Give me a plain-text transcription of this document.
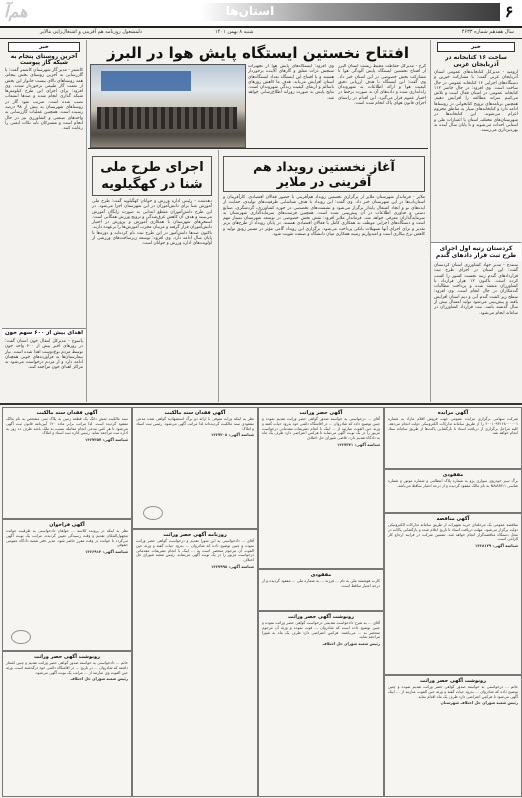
هم‌آ	استان‌ها	۶
سال هفدهم شماره ۴۶۳۳
شنبه ۸ بهمن ۱۴۰۱
دلمشغول روزنامه هم آفرینی و اشتغال‌زایی مالایر
خبر
ساخت ۱۶ کتابخانه در آذربایجان غربی
ارومیه - مدیرکل کتابخانه‌های عمومی استان آذربایجان غربی گفت: با مشارکت خیرین و دستگاه‌های اجرایی ۱۶ کتابخانه عمومی در حال ساخت است. وی افزود: در حال حاضر ۱۱۲ کتابخانه عمومی در استان فعال است و تلاش می‌کنیم سرانه مطالعه را افزایش دهیم. همچنین برنامه‌های ترویج کتابخوانی در روستاها ادامه دارد و کتابخانه‌های سیار به مناطق محروم اعزام می‌شوند. این کتابخانه‌ها در شهرستان‌های مختلف استان با اعتبارات ملی و استانی احداث می‌شوند و تا پایان سال آینده به بهره‌برداری می‌رسند.
کردستان رتبه اول اجرای طرح ثبت قرار دادهای گندم
سنندج - مدیر جهاد کشاورزی استان کردستان گفت: این استان در اجرای طرح ثبت قراردادهای گندم رتبه نخست کشور را کسب کرده است. تاکنون ۱۲ هزار قرارداد با کشاورزان منعقد شده و پرداخت مطالبات گندمکاران در حال انجام است. وی افزود: سطح زیر کشت گندم آبی و دیم استان افزایش یافته و پیش‌بینی می‌شود تولید امسال بیش از سال گذشته باشد. ثبت قرارداد کشاورزان در سامانه انجام می‌شود.
افتتاح نخستین ایستگاه پایش هوا در البرز
کرج - مدیرکل حفاظت محیط زیست استان البرز از افتتاح نخستین ایستگاه پایش آلودگی هوا با مشارکت بخش خصوصی در این استان خبر داد. وی گفت: این ایستگاه با هدف ارزیابی دقیق کیفیت هوا و ارائه اطلاعات به شهروندان راه‌اندازی شده و داده‌های آن به صورت برخط در اختیار عموم قرار می‌گیرد. این اقدام در راستای اجرای قانون هوای پاک انجام شده است.
وی افزود: ایستگاه‌های پایش هوا از تجهیزات سنجش ذرات معلق و گازهای آلاینده برخوردار هستند و با افتتاح این ایستگاه تعداد ایستگاه‌های استان افزایش می‌یابد. هدف ما کاهش روزهای ناسالم و ارتقای کیفیت زندگی شهروندان است. نتایج پایش به صورت روزانه اطلاع‌رسانی خواهد شد.
آغاز نخستین رویداد هم آفرینی در ملایر
ملایر - فرماندار شهرستان ملایر از برگزاری نخستین رویداد هم‌آفرینی با حضور فعالان اقتصادی، کارآفرینان و استارتاپ‌ها در این شهرستان خبر داد. وی گفت: این رویداد با هدف شناسایی ظرفیت‌های تولیدی، حمایت از ایده‌های نو و ایجاد اشتغال پایدار برگزار می‌شود و نشست‌های تخصصی در حوزه کشاورزی، گردشگری، صنایع دستی و فناوری اطلاعات در آن پیش‌بینی شده است. همچنین فرصت‌های سرمایه‌گذاری شهرستان به سرمایه‌گذاران معرفی خواهد شد. فرماندار ملایر افزود: نقش بخش خصوصی در توسعه شهرستان بسیار مهم است و دستگاه‌های اجرایی موظف به همکاری کامل با فعالان اقتصادی هستند. در پایان رویداد از طرح‌های برتر تقدیر و برای اجرای آنها تسهیلات بانکی پرداخت می‌شود. برگزاری این رویداد گامی مؤثر در مسیر رونق تولید و کاهش نرخ بیکاری است و امیدواریم زمینه همکاری میان دانشگاه و صنعت تقویت شود.
اجرای طرح ملی شنا در کهگیلویه
دهدشت - رئیس اداره ورزش و جوانان کهگیلویه گفت: طرح ملی آموزش شنا برای دانش‌آموزان در این شهرستان اجرا می‌شود. در این طرح دانش‌آموزان مقطع ابتدایی به صورت رایگان آموزش می‌بینند و هدف آن کاهش غرق‌شدگی و ترویج ورزش همگانی است. استخرهای شهرستان با همکاری آموزش و پرورش در اختیار دانش‌آموزان قرار گرفته و مربیان مجرب آموزش‌ها را برعهده دارند. تاکنون صدها دانش‌آموز در این طرح ثبت نام کرده‌اند و دوره‌ها تا پایان سال ادامه دارد. وی افزود: توسعه زیرساخت‌های ورزشی از اولویت‌های اداره ورزش و جوانان است.
خبر
آخرین روستای پنجام به شبکه گاز پیوست
کاشمر - مدیر گاز شهرستان کاشمر گفت: با گازرسانی به آخرین روستای بخش پنجام، همه روستاهای بالای بیست خانوار این بخش از نعمت گاز طبیعی برخوردار شدند. وی افزود: برای اجرای این طرح کیلومترها شبکه گذاری انجام شده و صدها انشعاب نصب شده است. ضریب نفوذ گاز در روستاهای شهرستان به بیش از ۹۸ درصد رسیده است. همچنین عملیات گازرسانی به واحدهای صنعتی و کشاورزی نیز در حال انجام است و مشترکان باید نکات ایمنی را رعایت کنند.
اهدای بیش از ۶۰۰ سهم خون
یاسوج - مدیرکل انتقال خون استان گفت: در روزهای اخیر بیش از ۶۰۰ واحد خون توسط مردم نوع‌دوست اهدا شده است. نیاز بیمارستان‌ها به فرآورده‌های خونی همچنان ادامه دارد و از مردم درخواست می‌شود به مراکز اهدای خون مراجعه کنند.
آگهی مزایده
شرکت سهامی برگزاری مزایده عمومی جهت فروش اقلام مازاد به شماره ۲۰۰۱۰۹۳۱۶۸۰۰۰۰۰۱ را از طریق سامانه تدارکات الکترونیکی دولت انجام می‌دهد. کلیه مراحل برگزاری از دریافت اسناد تا بازگشایی پاکت‌ها از طریق سامانه ستاد انجام خواهد شد.
مفقودی
برگ سبز خودروی سواری پژو به شماره پلاک انتظامی و شماره موتور و شماره شاسی NAAM۱۱ به نام مالک مفقود گردیده و از درجه اعتبار ساقط می‌باشد.
آگهی مناقصه
مناقصه عمومی یک مرحله‌ای خرید تجهیزات از طریق سامانه تدارکات الکترونیکی دولت برگزار می‌شود. مهلت دریافت اسناد تا تاریخ اعلام شده و بازگشایی پاکات در محل دستگاه مناقصه‌گزار انجام خواهد شد. تضمین شرکت در فرایند ارجاع کار الزامی است.
شناسه آگهی: ۱۴۶۸۱۲۹
رونوشت آگهی حصر وراثت
خانم ... درخواستی به خواسته صدور گواهی حصر وراثت تقدیم نموده و چنین توضیح داده که شادروان ... بدرود حیات گفته و ورثه حین الفوت عبارتند از ... اینک آگهی می‌شود تا هرکس اعتراضی دارد ظرف یک ماه اقدام نماید.
رئیس شعبه شورای حل اختلاف شهرستان
آگهی حصر وراثت
آقای ... درخواستی به خواسته صدور گواهی حصر وراثت تقدیم نموده و چنین توضیح داده که شادروان ... در اقامتگاه دائمی خود بدرود حیات گفته و ورثه حین الفوت عبارتند از ... اینک با انجام تشریفات مقدماتی درخواست مزبور را در یک نوبت آگهی می‌نماید تا هرکس اعتراضی دارد ظرف یک ماه به دادگاه تقدیم دارد. قاضی شورای حل اختلاف
شناسه آگهی: ۱۴۶۷۴۴۱
مفقودی
کارت هوشمند ملی به نام ... فرزند ... به شماره ملی ... مفقود گردیده و از درجه اعتبار ساقط است.
رونوشت آگهی حصر وراثت
آقای ... به شرح دادخواست تقدیمی درخواست گواهی حصر وراثت نموده و چنین توضیح داده است که شادروان ... فوت نموده و ورثه آن مرحوم منحصر به ... می‌باشند. هرکس اعتراضی دارد ظرف یک ماه به شورا مراجعه نماید.
رئیس شعبه شورای حل اختلاف
آگهی فقدان سند مالکیت
نظر به اینکه وراث متوفی با ارائه دو برگ استشهادیه گواهی شده مدعی مفقودی سند مالکیت گردیده‌اند لذا مراتب آگهی می‌شود. رئیس ثبت اسناد و املاک
شناسه آگهی: ۱۴۶۷۲۰۸
روزنامه آگهی حصر وراثت
آقای ... دادخواستی به این شورا تقدیم و درخواست گواهی حصر وراثت نموده و چنین توضیح داده که شادروان ... بدرود حیات گفته و ورثه حین الفوت آن مرحوم منحصر است به ... اینک با انجام تشریفات مقدماتی درخواست مزبور را در یک نوبت آگهی می‌نماید. رئیس شعبه شورای حل اختلاف
شناسه آگهی: ۱۴۶۷۹۹۸
آگهی فقدان سند مالکیت
سند مالکیت شش دانگ یک قطعه زمین به پلاک ثبتی مشخص به نام مالک مفقود گردیده است. لذا مراتب برابر ماده ۱۲۰ آیین‌نامه قانون ثبت آگهی می‌شود تا هر کس مدعی انجام معامله نسبت به ملک باشد ظرف ده روز به اداره ثبت مراجعه نماید. رئیس اداره ثبت اسناد و املاک
شناسه آگهی: ۱۴۶۷۳۵۷
آگهی فراخوان
نظر به اینکه در پرونده کلاسه ... خواهان دادخواستی به طرفیت خوانده مجهول‌المکان تقدیم و وقت رسیدگی تعیین گردیده، مراتب یک نوبت آگهی می‌گردد تا خوانده در وقت مقرر حاضر شود. مدیر دفتر شعبه دادگاه عمومی حقوقی
شناسه آگهی: ۱۴۶۶۹۱۴
رونوشت آگهی حصر وراثت
خانم ... دادخواستی به خواسته صدور گواهی حصر وراثت تقدیم و چنین اشعار داشته که شادروان ... در تاریخ ... در اقامتگاه دائمی خود درگذشته است. ورثه حین الفوت وی عبارتند از ... مراتب یک نوبت آگهی می‌شود.
رئیس شعبه شورای حل اختلاف
